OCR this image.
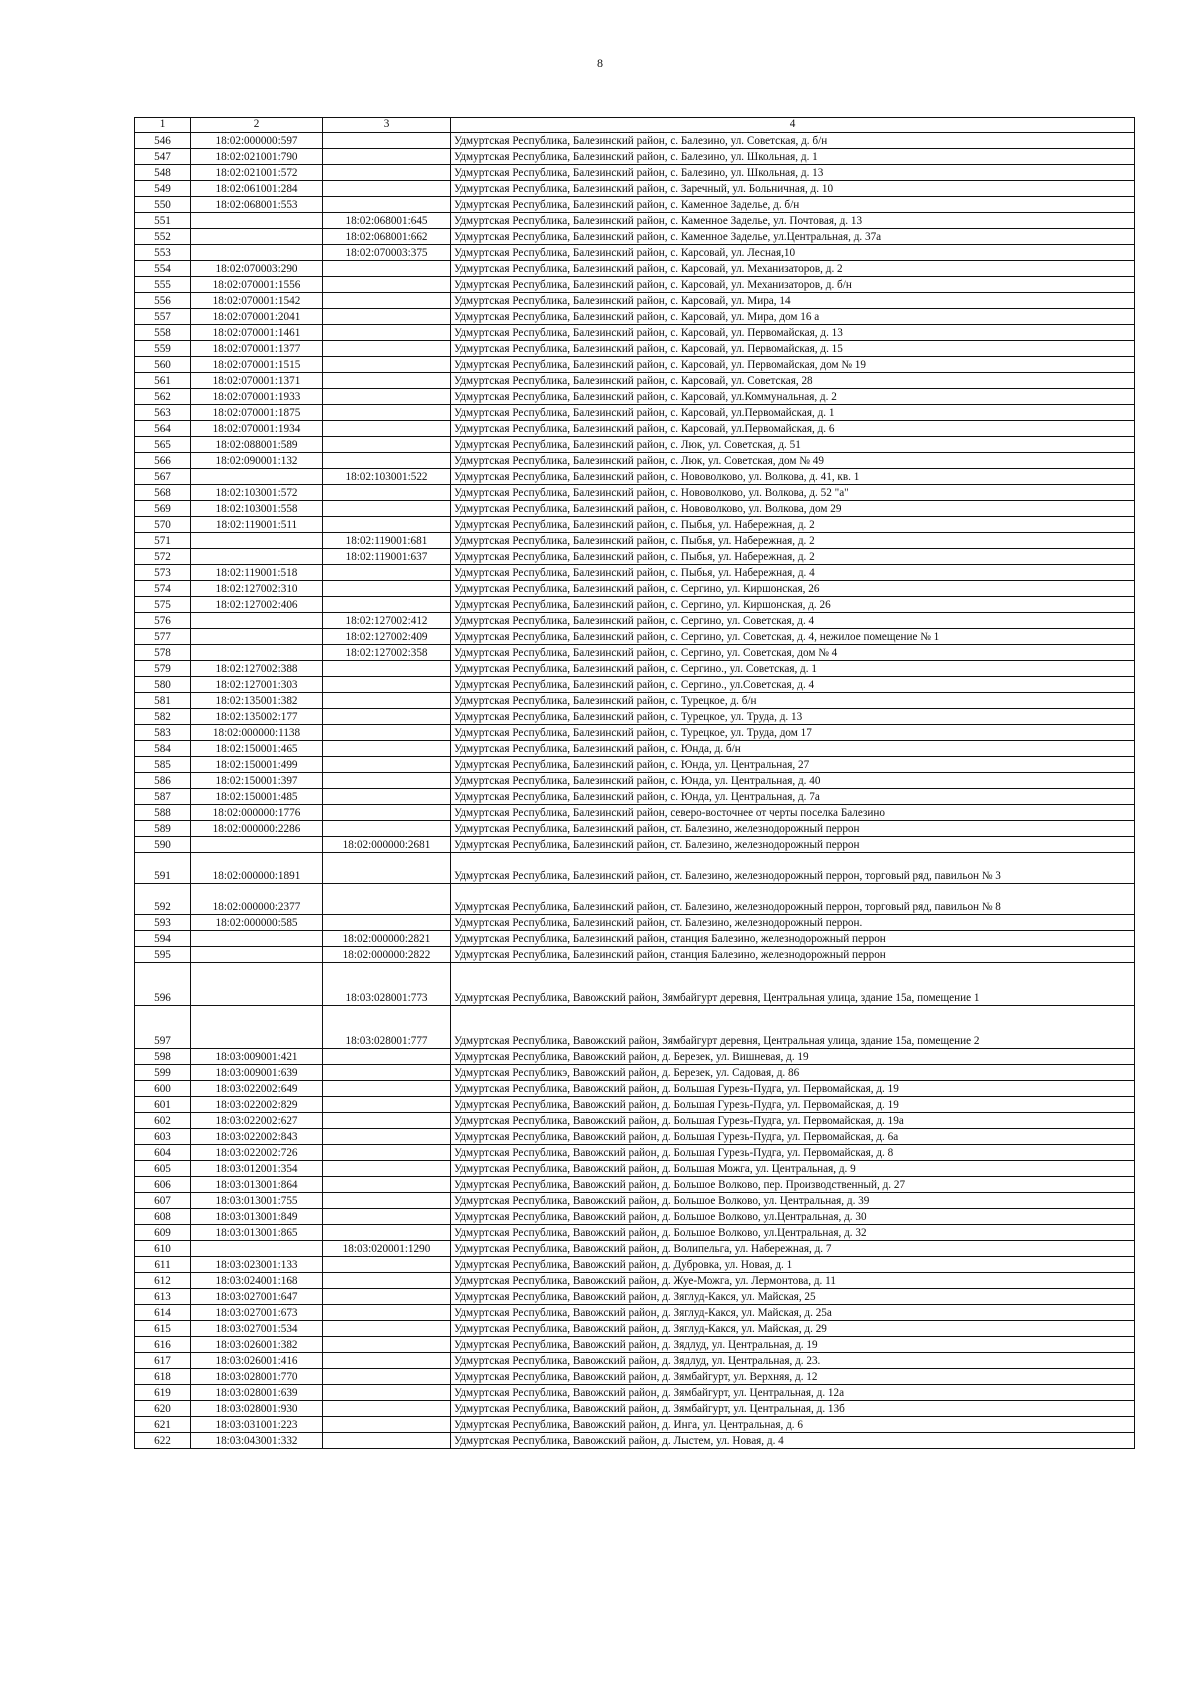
8
1	2	3	4
546	18:02:000000:597		Удмуртская Республика, Балезинский район, с. Балезино, ул. Советская, д. б/н
547	18:02:021001:790		Удмуртская Республика, Балезинский район, с. Балезино, ул. Школьная, д. 1
548	18:02:021001:572		Удмуртская Республика, Балезинский район, с. Балезино, ул. Школьная, д. 13
549	18:02:061001:284		Удмуртская Республика, Балезинский район, с. Заречный, ул. Больничная, д. 10
550	18:02:068001:553		Удмуртская Республика, Балезинский район, с. Каменное Заделье, д. б/н
551		18:02:068001:645	Удмуртская Республика, Балезинский район, с. Каменное Заделье, ул. Почтовая, д. 13
552		18:02:068001:662	Удмуртская Республика, Балезинский район, с. Каменное Заделье, ул.Центральная, д. 37а
553		18:02:070003:375	Удмуртская Республика, Балезинский район, с. Карсовай, ул. Лесная,10
554	18:02:070003:290		Удмуртская Республика, Балезинский район, с. Карсовай, ул. Механизаторов, д. 2
555	18:02:070001:1556		Удмуртская Республика, Балезинский район, с. Карсовай, ул. Механизаторов, д. б/н
556	18:02:070001:1542		Удмуртская Республика, Балезинский район, с. Карсовай, ул. Мира, 14
557	18:02:070001:2041		Удмуртская Республика, Балезинский район, с. Карсовай, ул. Мира, дом 16 а
558	18:02:070001:1461		Удмуртская Республика, Балезинский район, с. Карсовай, ул. Первомайская, д. 13
559	18:02:070001:1377		Удмуртская Республика, Балезинский район, с. Карсовай, ул. Первомайская, д. 15
560	18:02:070001:1515		Удмуртская Республика, Балезинский район, с. Карсовай, ул. Первомайская, дом № 19
561	18:02:070001:1371		Удмуртская Республика, Балезинский район, с. Карсовай, ул. Советская, 28
562	18:02:070001:1933		Удмуртская Республика, Балезинский район, с. Карсовай, ул.Коммунальная, д. 2
563	18:02:070001:1875		Удмуртская Республика, Балезинский район, с. Карсовай, ул.Первомайская, д. 1
564	18:02:070001:1934		Удмуртская Республика, Балезинский район, с. Карсовай, ул.Первомайская, д. 6
565	18:02:088001:589		Удмуртская Республика, Балезинский район, с. Люк, ул. Советская, д. 51
566	18:02:090001:132		Удмуртская Республика, Балезинский район, с. Люк, ул. Советская, дом № 49
567		18:02:103001:522	Удмуртская Республика, Балезинский район, с. Нововолково, ул. Волкова, д. 41, кв. 1
568	18:02:103001:572		Удмуртская Республика, Балезинский район, с. Нововолково, ул. Волкова, д. 52 "а"
569	18:02:103001:558		Удмуртская Республика, Балезинский район, с. Нововолково, ул. Волкова, дом 29
570	18:02:119001:511		Удмуртская Республика, Балезинский район, с. Пыбья, ул. Набережная, д. 2
571		18:02:119001:681	Удмуртская Республика, Балезинский район, с. Пыбья, ул. Набережная, д. 2
572		18:02:119001:637	Удмуртская Республика, Балезинский район, с. Пыбья, ул. Набережная, д. 2
573	18:02:119001:518		Удмуртская Республика, Балезинский район, с. Пыбья, ул. Набережная, д. 4
574	18:02:127002:310		Удмуртская Республика, Балезинский район, с. Сергино, ул. Киршонская, 26
575	18:02:127002:406		Удмуртская Республика, Балезинский район, с. Сергино, ул. Киршонская, д. 26
576		18:02:127002:412	Удмуртская Республика, Балезинский район, с. Сергино, ул. Советская, д. 4
577		18:02:127002:409	Удмуртская Республика, Балезинский район, с. Сергино, ул. Советская, д. 4, нежилое помещение № 1
578		18:02:127002:358	Удмуртская Республика, Балезинский район, с. Сергино, ул. Советская, дом № 4
579	18:02:127002:388		Удмуртская Республика, Балезинский район, с. Сергино., ул. Советская, д. 1
580	18:02:127001:303		Удмуртская Республика, Балезинский район, с. Сергино., ул.Советская, д. 4
581	18:02:135001:382		Удмуртская Республика, Балезинский район, с. Турецкое, д. б/н
582	18:02:135002:177		Удмуртская Республика, Балезинский район, с. Турецкое, ул. Труда, д. 13
583	18:02:000000:1138		Удмуртская Республика, Балезинский район, с. Турецкое, ул. Труда, дом 17
584	18:02:150001:465		Удмуртская Республика, Балезинский район, с. Юнда, д. б/н
585	18:02:150001:499		Удмуртская Республика, Балезинский район, с. Юнда, ул. Центральная, 27
586	18:02:150001:397		Удмуртская Республика, Балезинский район, с. Юнда, ул. Центральная, д. 40
587	18:02:150001:485		Удмуртская Республика, Балезинский район, с. Юнда, ул. Центральная, д. 7а
588	18:02:000000:1776		Удмуртская Республика, Балезинский район, северо-восточнее от черты поселка Балезино
589	18:02:000000:2286		Удмуртская Республика, Балезинский район, ст. Балезино, железнодорожный перрон
590		18:02:000000:2681	Удмуртская Республика, Балезинский район, ст. Балезино, железнодорожный перрон
591	18:02:000000:1891		Удмуртская Республика, Балезинский район, ст. Балезино, железнодорожный перрон, торговый ряд, павильон № 3
592	18:02:000000:2377		Удмуртская Республика, Балезинский район, ст. Балезино, железнодорожный перрон, торговый ряд, павильон № 8
593	18:02:000000:585		Удмуртская Республика, Балезинский район, ст. Балезино, железнодорожный перрон.
594		18:02:000000:2821	Удмуртская Республика, Балезинский район, станция Балезино, железнодорожный перрон
595		18:02:000000:2822	Удмуртская Республика, Балезинский район, станция Балезино, железнодорожный перрон
596		18:03:028001:773	Удмуртская Республика, Вавожский район, Зямбайгурт деревня, Центральная улица, здание 15а, помещение 1
597		18:03:028001:777	Удмуртская Республика, Вавожский район, Зямбайгурт деревня, Центральная улица, здание 15а, помещение 2
598	18:03:009001:421		Удмуртская Республика, Вавожский район, д. Березек, ул. Вишневая, д. 19
599	18:03:009001:639		Удмуртская Республикэ, Вавожский район, д. Березек, ул. Садовая, д. 86
600	18:03:022002:649		Удмуртская Республика, Вавожский район, д. Большая Гурезь-Пудга, ул. Первомайская, д. 19
601	18:03:022002:829		Удмуртская Республика, Вавожский район, д. Большая Гурезь-Пудга, ул. Первомайская, д. 19
602	18:03:022002:627		Удмуртская Республика, Вавожский район, д. Большая Гурезь-Пудга, ул. Первомайская, д. 19а
603	18:03:022002:843		Удмуртская Республика, Вавожский район, д. Большая Гурезь-Пудга, ул. Первомайская, д. 6а
604	18:03:022002:726		Удмуртская Республика, Вавожский район, д. Большая Гурезь-Пудга, ул. Первомайская, д. 8
605	18:03:012001:354		Удмуртская Республика, Вавожский район, д. Большая Можга, ул. Центральная, д. 9
606	18:03:013001:864		Удмуртская Республика, Вавожский район, д. Большое Волково, пер. Производственный, д. 27
607	18:03:013001:755		Удмуртская Республика, Вавожский район, д. Большое Волково, ул. Центральная, д. 39
608	18:03:013001:849		Удмуртская Республика, Вавожский район, д. Большое Волково, ул.Центральная, д. 30
609	18:03:013001:865		Удмуртская Республика, Вавожский район, д. Большое Волково, ул.Центральная, д. 32
610		18:03:020001:1290	Удмуртская Республика, Вавожский район, д. Волипельга, ул. Набережная, д. 7
611	18:03:023001:133		Удмуртская Республика, Вавожский район, д. Дубровка, ул. Новая, д. 1
612	18:03:024001:168		Удмуртская Республика, Вавожский район, д. Жуе-Можга, ул. Лермонтова, д. 11
613	18:03:027001:647		Удмуртская Республика, Вавожский район, д. Зяглуд-Какся, ул. Майская, 25
614	18:03:027001:673		Удмуртская Республика, Вавожский район, д. Зяглуд-Какся, ул. Майская, д. 25а
615	18:03:027001:534		Удмуртская Республика, Вавожский район, д. Зяглуд-Какся, ул. Майская, д. 29
616	18:03:026001:382		Удмуртская Республика, Вавожский район, д. Зядлуд, ул. Центральная, д. 19
617	18:03:026001:416		Удмуртская Республика, Вавожский район, д. Зядлуд, ул. Центральная, д. 23.
618	18:03:028001:770		Удмуртская Республика, Вавожский район, д. Зямбайгурт, ул. Верхняя, д. 12
619	18:03:028001:639		Удмуртская Республика, Вавожский район, д. Зямбайгурт, ул. Центральная, д. 12а
620	18:03:028001:930		Удмуртская Республика, Вавожский район, д. Зямбайгурт, ул. Центральная, д. 13б
621	18:03:031001:223		Удмуртская Республика, Вавожский район, д. Инга, ул. Центральная, д. 6
622	18:03:043001:332		Удмуртская Республика, Вавожский район, д. Лыстем, ул. Новая, д. 4
